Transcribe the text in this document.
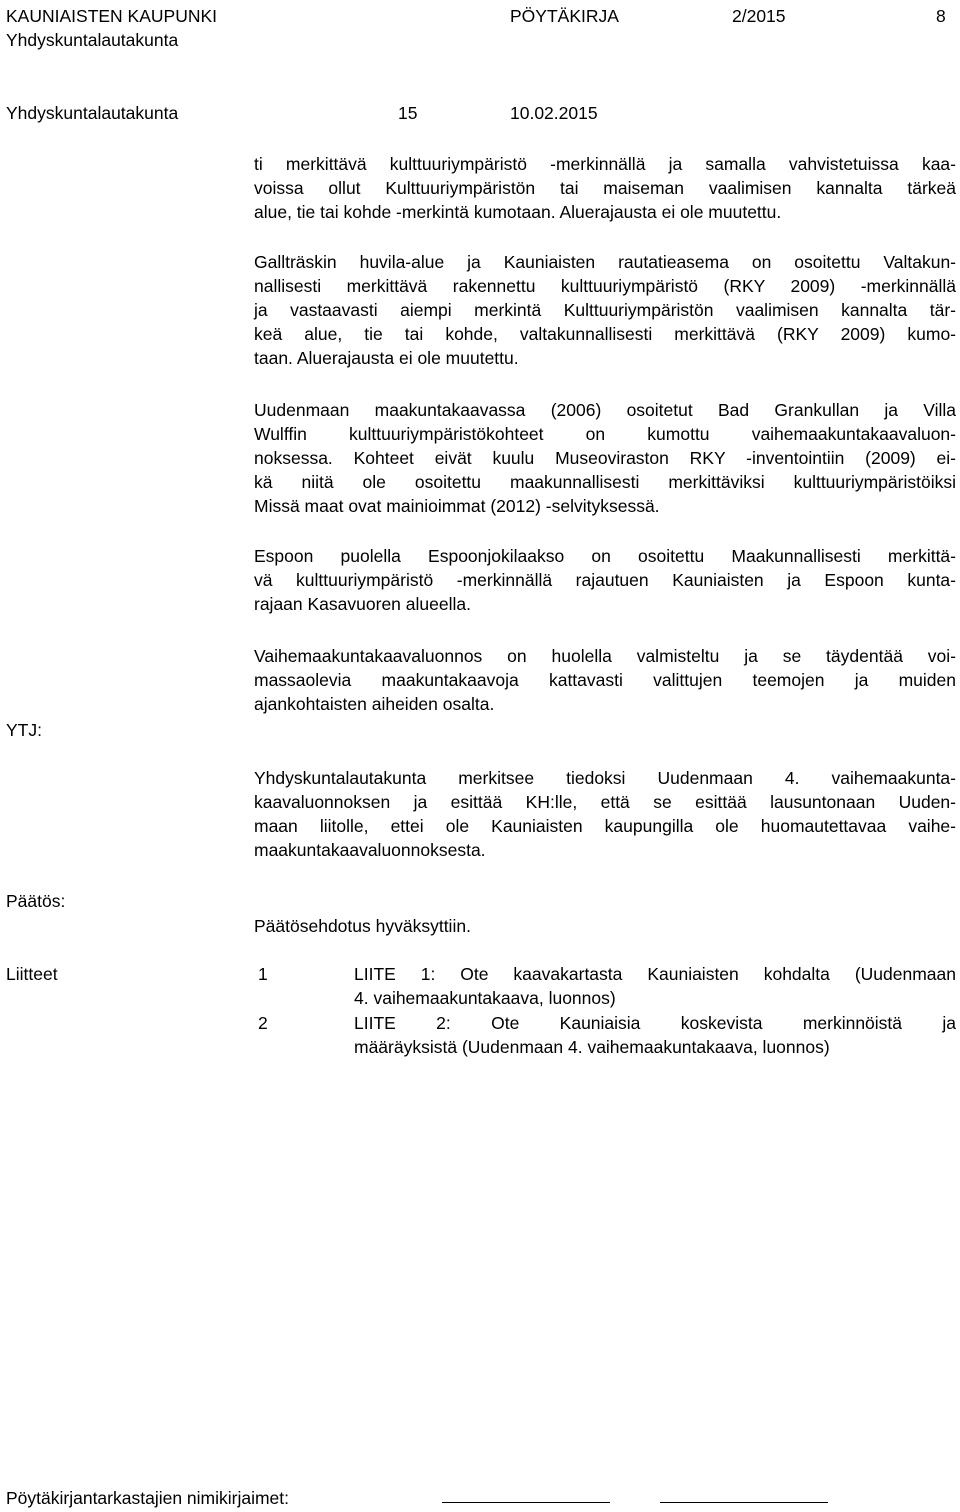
KAUNIAISTEN KAUPUNKI	PÖYTÄKIRJA	2/2015	8
Yhdyskuntalautakunta
Yhdyskuntalautakunta	15	10.02.2015
ti merkittävä kulttuuriympäristö -merkinnällä ja samalla vahvistetuissa kaa-
voissa ollut Kulttuuriympäristön tai maiseman vaalimisen kannalta tärkeä
alue, tie tai kohde -merkintä kumotaan. Aluerajausta ei ole muutettu.
Gallträskin huvila-alue ja Kauniaisten rautatieasema on osoitettu Valtakun-
nallisesti merkittävä rakennettu kulttuuriympäristö (RKY 2009) -merkinnällä
ja vastaavasti aiempi merkintä Kulttuuriympäristön vaalimisen kannalta tär-
keä alue, tie tai kohde, valtakunnallisesti merkittävä (RKY 2009) kumo-
taan. Aluerajausta ei ole muutettu.
Uudenmaan maakuntakaavassa (2006) osoitetut Bad Grankullan ja Villa
Wulffin kulttuuriympäristökohteet on kumottu vaihemaakuntakaavaluon-
noksessa. Kohteet eivät kuulu Museoviraston RKY -inventointiin (2009) ei-
kä niitä ole osoitettu maakunnallisesti merkittäviksi kulttuuriympäristöiksi
Missä maat ovat mainioimmat (2012) -selvityksessä.
Espoon puolella Espoonjokilaakso on osoitettu Maakunnallisesti merkittä-
vä kulttuuriympäristö -merkinnällä rajautuen Kauniaisten ja Espoon kunta-
rajaan Kasavuoren alueella.
Vaihemaakuntakaavaluonnos on huolella valmisteltu ja se täydentää voi-
massaolevia maakuntakaavoja kattavasti valittujen teemojen ja muiden
ajankohtaisten aiheiden osalta.
YTJ:
Yhdyskuntalautakunta merkitsee tiedoksi Uudenmaan 4. vaihemaakunta-
kaavaluonnoksen ja esittää KH:lle, että se esittää lausuntonaan Uuden-
maan liitolle, ettei ole Kauniaisten kaupungilla ole huomautettavaa vaihe-
maakuntakaavaluonnoksesta.
Päätös:
Päätösehdotus hyväksyttiin.
Liitteet	1	LIITE 1: Ote kaavakartasta Kauniaisten kohdalta (Uudenmaan
4. vaihemaakuntakaava, luonnos)
2	LIITE 2: Ote Kauniaisia koskevista merkinnöistä ja
määräyksistä (Uudenmaan 4. vaihemaakuntakaava, luonnos)
Pöytäkirjantarkastajien nimikirjaimet:
